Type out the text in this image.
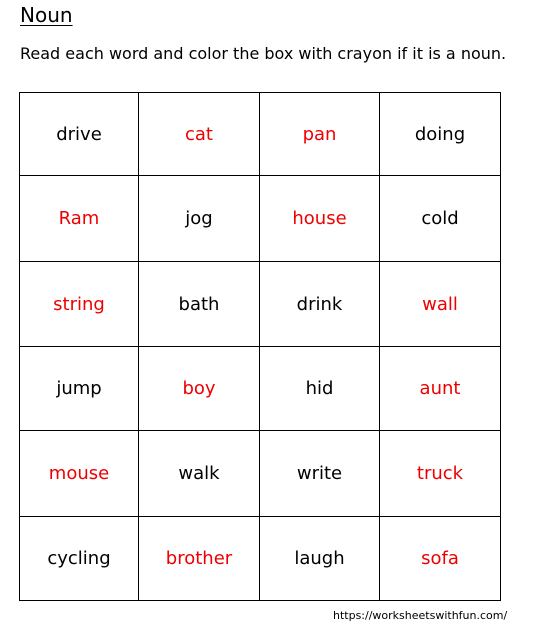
Noun
Read each word and color the box with crayon if it is a noun.
drive	cat	pan	doing
Ram	jog	house	cold
string	bath	drink	wall
jump	boy	hid	aunt
mouse	walk	write	truck
cycling	brother	laugh	sofa
https://worksheetswithfun.com/
